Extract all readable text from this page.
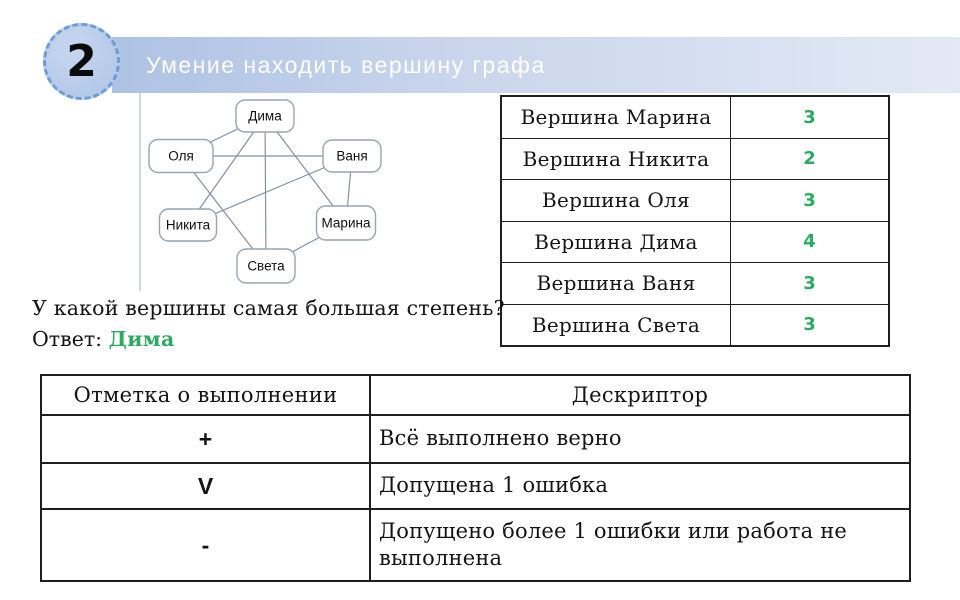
2 Умение находить вершину графа
Дима
Оля	Ваня
Никита	Марина
Света
Вершина Марина	3
Вершина Никита	2
Вершина Оля	3
Вершина Дима	4
Вершина Ваня	3
Вершина Света	3
У какой вершины самая большая степень?
Ответ: Дима
Отметка о выполнении	Дескриптор
+	Всё выполнено верно
V	Допущена 1 ошибка
-	Допущено более 1 ошибки или работа не выполнена
